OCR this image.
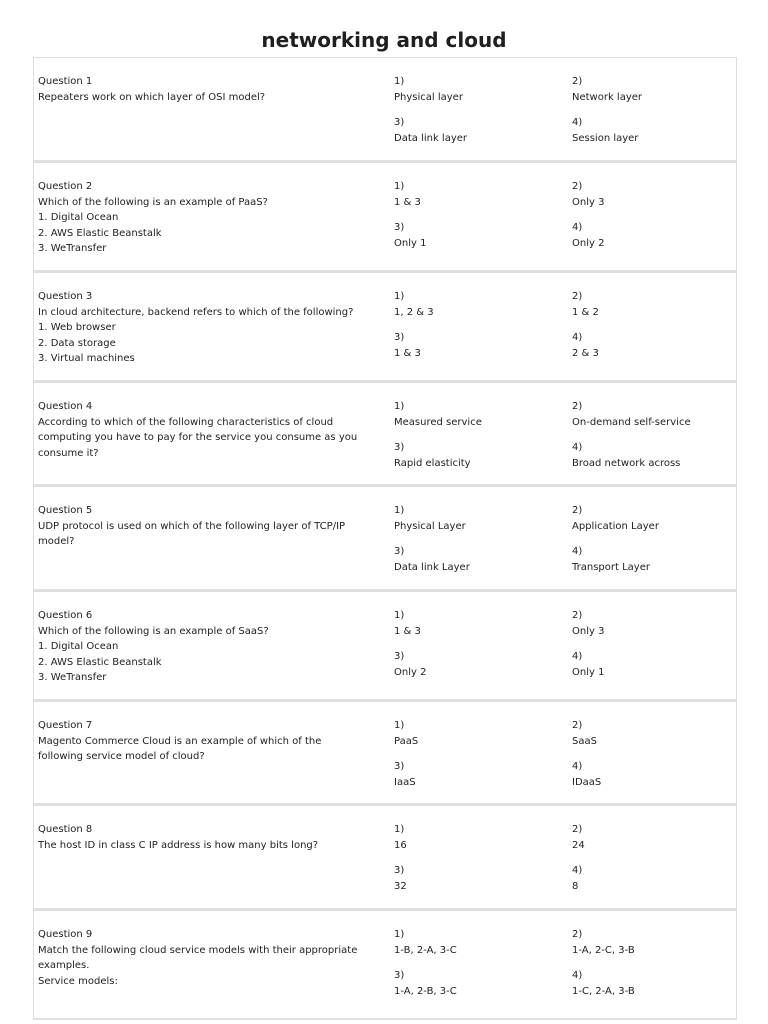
networking and cloud
Question 1
Repeaters work on which layer of OSI model?
1)
Physical layer
2)
Network layer
3)
Data link layer
4)
Session layer
Question 2
Which of the following is an example of PaaS?
1. Digital Ocean
2. AWS Elastic Beanstalk
3. WeTransfer
1)
1 & 3
2)
Only 3
3)
Only 1
4)
Only 2
Question 3
In cloud architecture, backend refers to which of the following?
1. Web browser
2. Data storage
3. Virtual machines
1)
1, 2 & 3
2)
1 & 2
3)
1 & 3
4)
2 & 3
Question 4
According to which of the following characteristics of cloud computing you have to pay for the service you consume as you consume it?
1)
Measured service
2)
On-demand self-service
3)
Rapid elasticity
4)
Broad network across
Question 5
UDP protocol is used on which of the following layer of TCP/IP model?
1)
Physical Layer
2)
Application Layer
3)
Data link Layer
4)
Transport Layer
Question 6
Which of the following is an example of SaaS?
1. Digital Ocean
2. AWS Elastic Beanstalk
3. WeTransfer
1)
1 & 3
2)
Only 3
3)
Only 2
4)
Only 1
Question 7
Magento Commerce Cloud is an example of which of the following service model of cloud?
1)
PaaS
2)
SaaS
3)
IaaS
4)
IDaaS
Question 8
The host ID in class C IP address is how many bits long?
1)
16
2)
24
3)
32
4)
8
Question 9
Match the following cloud service models with their appropriate examples.
Service models:
1)
1-B, 2-A, 3-C
2)
1-A, 2-C, 3-B
3)
1-A, 2-B, 3-C
4)
1-C, 2-A, 3-B
